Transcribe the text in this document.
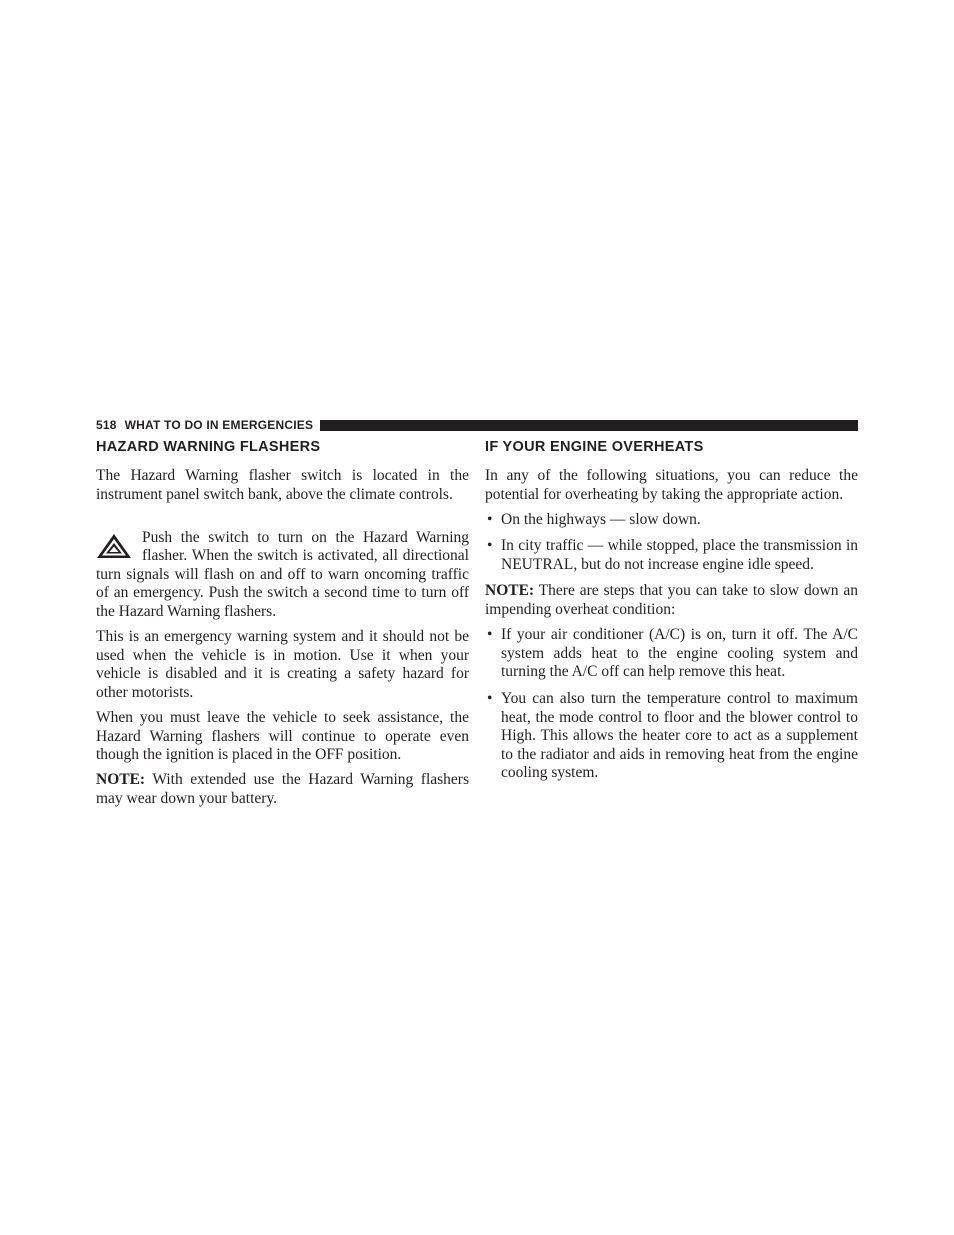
518 WHAT TO DO IN EMERGENCIES
HAZARD WARNING FLASHERS

The Hazard Warning flasher switch is located in the instrument panel switch bank, above the climate controls.

Push the switch to turn on the Hazard Warning flasher. When the switch is activated, all directional turn signals will flash on and off to warn oncoming traffic of an emergency. Push the switch a second time to turn off the Hazard Warning flashers.

This is an emergency warning system and it should not be used when the vehicle is in motion. Use it when your vehicle is disabled and it is creating a safety hazard for other motorists.

When you must leave the vehicle to seek assistance, the Hazard Warning flashers will continue to operate even though the ignition is placed in the OFF position.

NOTE: With extended use the Hazard Warning flashers may wear down your battery.

IF YOUR ENGINE OVERHEATS

In any of the following situations, you can reduce the potential for overheating by taking the appropriate action.

• On the highways — slow down.
• In city traffic — while stopped, place the transmission in NEUTRAL, but do not increase engine idle speed.

NOTE: There are steps that you can take to slow down an impending overheat condition:

• If your air conditioner (A/C) is on, turn it off. The A/C system adds heat to the engine cooling system and turning the A/C off can help remove this heat.
• You can also turn the temperature control to maximum heat, the mode control to floor and the blower control to High. This allows the heater core to act as a supplement to the radiator and aids in removing heat from the engine cooling system.
